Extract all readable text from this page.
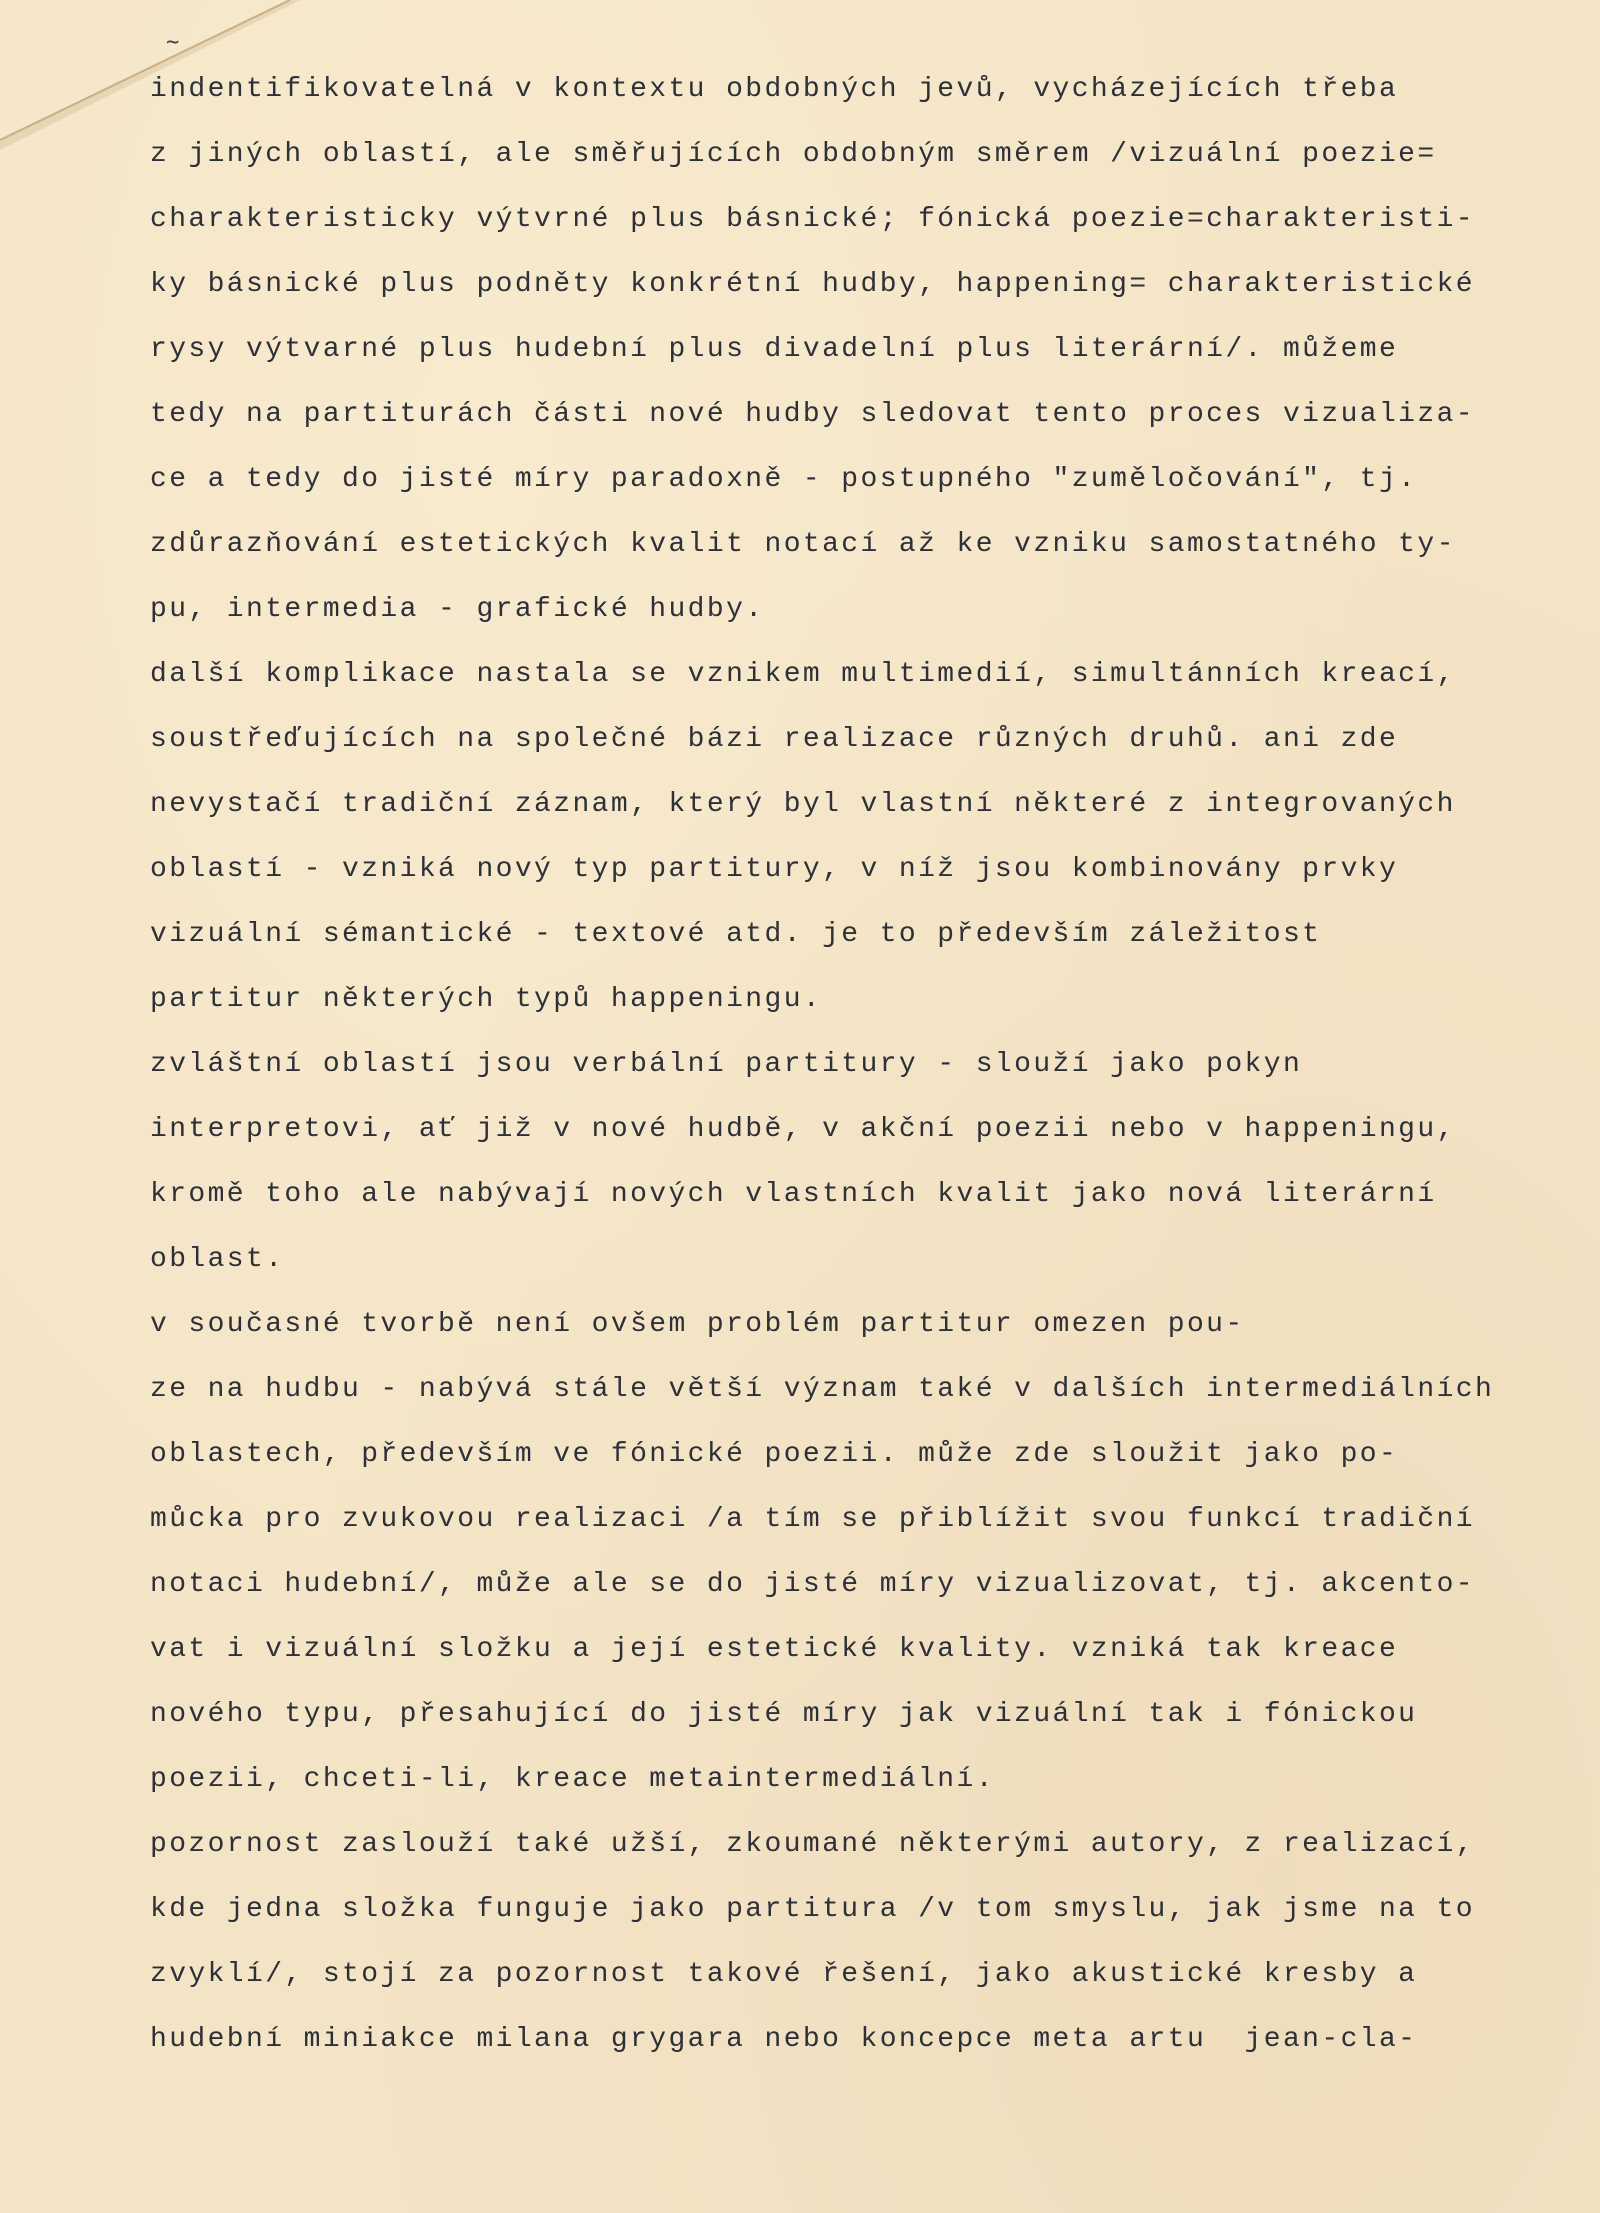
~
indentifikovatelná v kontextu obdobných jevů, vycházejících třeba
z jiných oblastí, ale směřujících obdobným směrem /vizuální poezie=
charakteristicky výtvrné plus básnické; fónická poezie=charakteristi-
ky básnické plus podněty konkrétní hudby, happening= charakteristické
rysy výtvarné plus hudební plus divadelní plus literární/. můžeme
tedy na partiturách části nové hudby sledovat tento proces vizualiza-
ce a tedy do jisté míry paradoxně - postupného "zuměločování", tj.
zdůrazňování estetických kvalit notací až ke vzniku samostatného ty-
pu, intermedia - grafické hudby.
další komplikace nastala se vznikem multimedií, simultánních kreací,
soustřeďujících na společné bázi realizace různých druhů. ani zde
nevystačí tradiční záznam, který byl vlastní některé z integrovaných
oblastí - vzniká nový typ partitury, v níž jsou kombinovány prvky
vizuální sémantické - textové atd. je to především záležitost
partitur některých typů happeningu.
zvláštní oblastí jsou verbální partitury - slouží jako pokyn
interpretovi, ať již v nové hudbě, v akční poezii nebo v happeningu,
kromě toho ale nabývají nových vlastních kvalit jako nová literární
oblast.
v současné tvorbě není ovšem problém partitur omezen pou-
ze na hudbu - nabývá stále větší význam také v dalších intermediálních
oblastech, především ve fónické poezii. může zde sloužit jako po-
můcka pro zvukovou realizaci /a tím se přiblížit svou funkcí tradiční
notaci hudební/, může ale se do jisté míry vizualizovat, tj. akcento-
vat i vizuální složku a její estetické kvality. vzniká tak kreace
nového typu, přesahující do jisté míry jak vizuální tak i fónickou
poezii, chceti-li, kreace metaintermediální.
pozornost zaslouží také užší, zkoumané některými autory, z realizací,
kde jedna složka funguje jako partitura /v tom smyslu, jak jsme na to
zvyklí/, stojí za pozornost takové řešení, jako akustické kresby a
hudební miniakce milana grygara nebo koncepce meta artu  jean-cla-
